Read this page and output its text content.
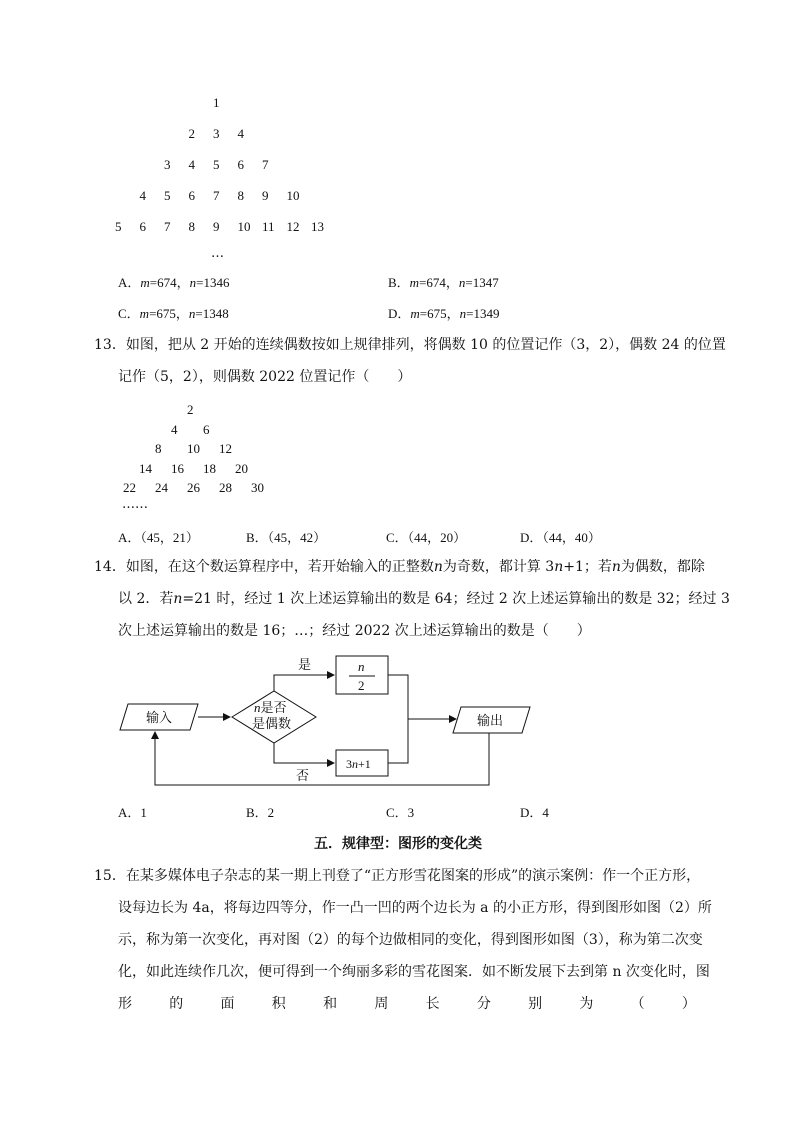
1
2 3 4
3 4 5 6 7
4 5 6 7 8 9 10
5 6 7 8 9 10 11 12 13
…
A．m=674，n=1346	B．m=674，n=1347
C．m=675，n=1348	D．m=675，n=1349
13．如图，把从 2 开始的连续偶数按如上规律排列，将偶数 10 的位置记作（3，2），偶数 24 的位置
记作（5，2），则偶数 2022 位置记作（　　）
2
4 6
8 10 12
14 16 18 20
22 24 26 28 30
……
A．（45，21）	B．（45，42）	C．（44，20）	D．（44，40）
14．如图，在这个数运算程序中，若开始输入的正整数n为奇数，都计算 3n+1；若n为偶数，都除
以 2．若n=21 时，经过 1 次上述运算输出的数是 64；经过 2 次上述运算输出的数是 32；经过 3
次上述运算输出的数是 16；…；经过 2022 次上述运算输出的数是（　　）
输入
n是否
是偶数
是
否
n
2
3n+1
输出
A．1	B．2	C．3	D．4
五．规律型：图形的变化类
15．在某多媒体电子杂志的某一期上刊登了“正方形雪花图案的形成”的演示案例：作一个正方形，
设每边长为 4a，将每边四等分，作一凸一凹的两个边长为 a 的小正方形，得到图形如图（2）所
示，称为第一次变化，再对图（2）的每个边做相同的变化，得到图形如图（3），称为第二次变
化，如此连续作几次，便可得到一个绚丽多彩的雪花图案．如不断发展下去到第 n 次变化时，图
形	的	面	积	和	周	长	分	别	为	（	）
